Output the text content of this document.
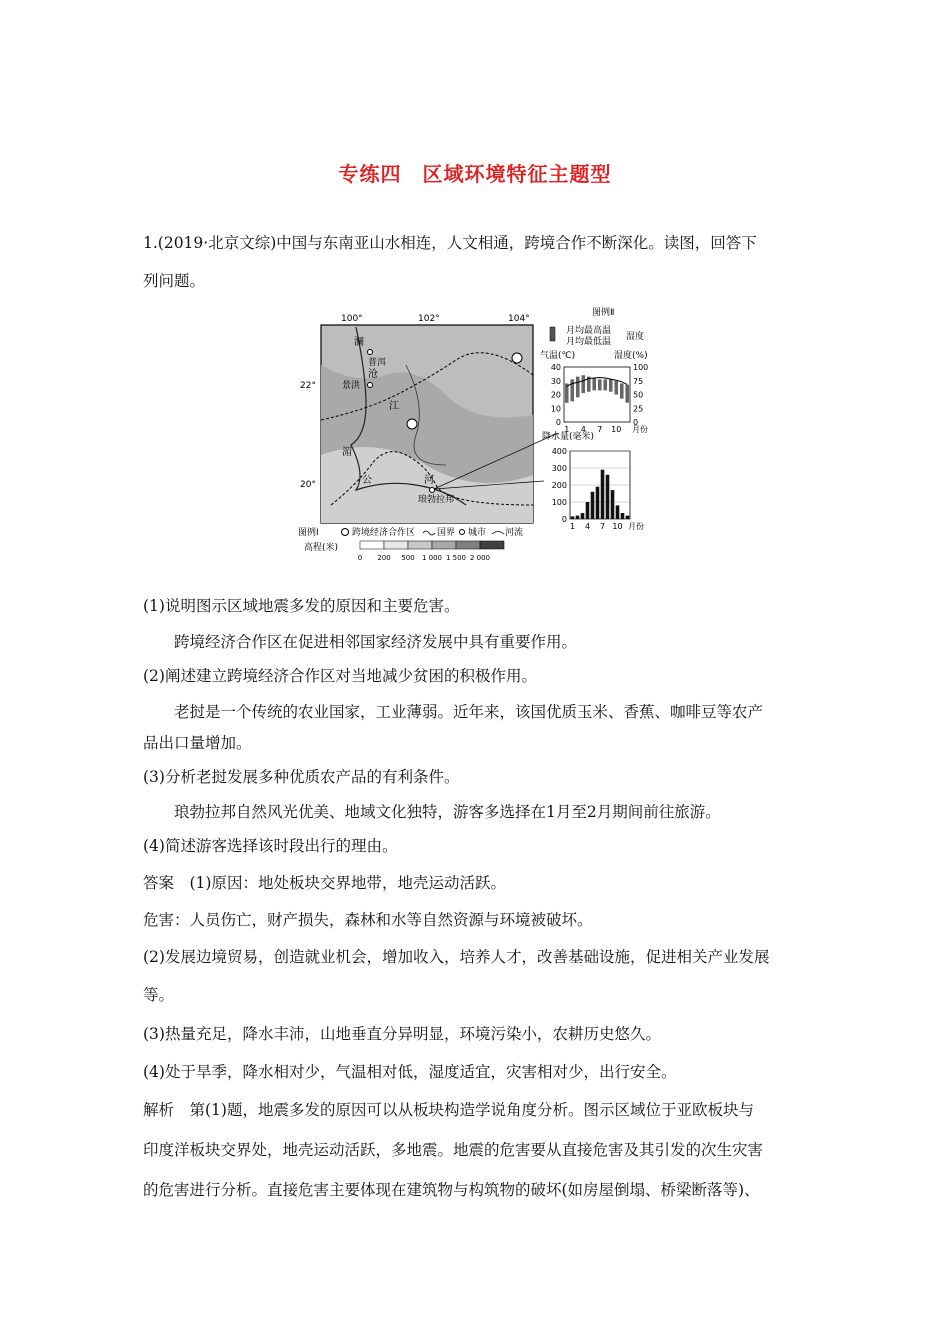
专练四　区域环境特征主题型
1.(2019·北京文综)中国与东南亚山水相连，人文相通，跨境合作不断深化。读图，回答下
列问题。
100°	102°	104°
22°
20°
澜
沧
江
湄
公	河
普洱
景洪
琅勃拉邦
图例Ⅱ
月均最高温
月均最低温 湿度
气温(℃)	湿度(%)
0
10
20
30
40
0
25
50
75
100
1 4 7 10 月份
降水量(毫米)
0
100
200
300
400
1 4 7 10 月份
图例Ⅰ	跨境经济合作区 国界 城市 河流
高程(米)
0 200 500 1 000 1 500 2 000
(1)说明图示区域地震多发的原因和主要危害。
跨境经济合作区在促进相邻国家经济发展中具有重要作用。
(2)阐述建立跨境经济合作区对当地减少贫困的积极作用。
老挝是一个传统的农业国家，工业薄弱。近年来，该国优质玉米、香蕉、咖啡豆等农产
品出口量增加。
(3)分析老挝发展多种优质农产品的有利条件。
琅勃拉邦自然风光优美、地域文化独特，游客多选择在1月至2月期间前往旅游。
(4)简述游客选择该时段出行的理由。
答案　(1)原因：地处板块交界地带，地壳运动活跃。
危害：人员伤亡，财产损失，森林和水等自然资源与环境被破坏。
(2)发展边境贸易，创造就业机会，增加收入，培养人才，改善基础设施，促进相关产业发展
等。
(3)热量充足，降水丰沛，山地垂直分异明显，环境污染小，农耕历史悠久。
(4)处于旱季，降水相对少，气温相对低，湿度适宜，灾害相对少，出行安全。
解析　第(1)题，地震多发的原因可以从板块构造学说角度分析。图示区域位于亚欧板块与
印度洋板块交界处，地壳运动活跃，多地震。地震的危害要从直接危害及其引发的次生灾害
的危害进行分析。直接危害主要体现在建筑物与构筑物的破坏(如房屋倒塌、桥梁断落等)、
